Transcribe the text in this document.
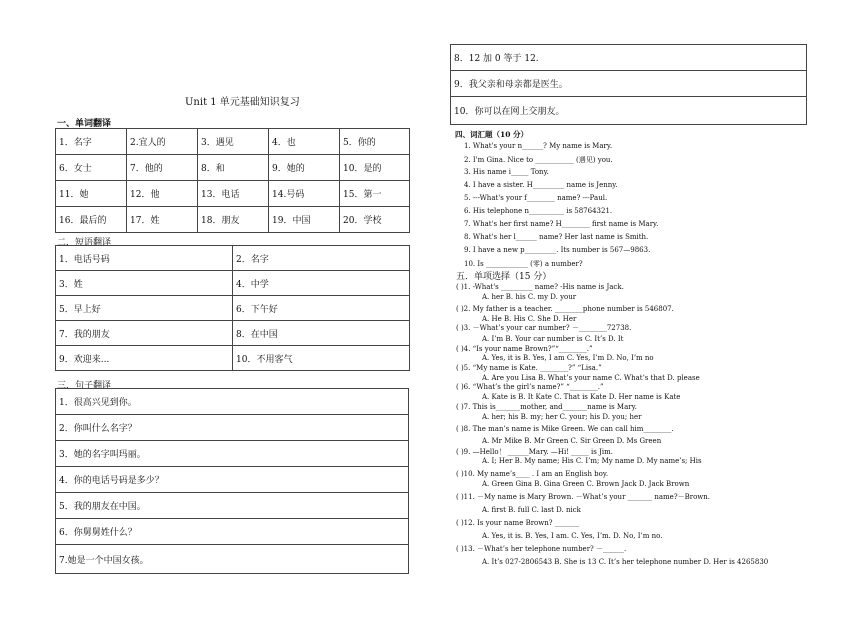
Unit 1 单元基础知识复习
一、单词翻译
1．名字	2.宜人的	3．遇见	4．也	5．你的
6．女士	7．他的	8．和	9．她的	10．是的
11．她	12．他	13．电话	14.号码	15．第一
16．最后的	17．姓	18．朋友	19．中国	20．学校
二．短语翻译
1．电话号码	2．名字
3．姓	4．中学
5．早上好	6．下午好
7．我的朋友	8．在中国
9．欢迎来...	10．不用客气
三．句子翻译
1．很高兴见到你。
2．你叫什么名字？
3．她的名字叫玛丽。
4．你的电话号码是多少？
5．我的朋友在中国。
6．你舅舅姓什么？
7.她是一个中国女孩。
8．12 加 0 等于 12.
9．我父亲和母亲都是医生。
10．你可以在网上交朋友。
四、词汇题（10 分）
1. What's your n______? My name is Mary.
2. I'm Gina. Nice to ___________ (遇见) you.
3. His name i_____ Tony.
4. I have a sister. H_________ name is Jenny.
5. ---What's your f________ name? ---Paul.
6. His telephone n__________ is 58764321.
7. What's her first name? H________ first name is Mary.
8. What's her l______ name? Her last name is Smith.
9. I have a new p_________. Its number is 567—9863.
10. Is ____________ (零) a number?
五．单项选择（15 分）
( )1. -What's _________ name? -His name is Jack.
A. her B. his C. my D. your
( )2. My father is a teacher. ________phone number is 546807.
A. He B. His C. She D. Her
( )3. －What’s your car number? －________72738.
A. I’m B. Your car number is C. It’s D. It
( )4. “Is your name Brown?”“________.”
A. Yes, it is B. Yes, I am C. Yes, I’m D. No, I’m no
( )5. “My name is Kate. ________?” “Lisa.”
A. Are you Lisa B. What’s your name C. What’s that D. please
( )6. “What’s the girl’s name?” “________.”
A. Kate is B. It Kate C. That is Kate D. Her name is Kate
( )7. This is_______mother, and_______name is Mary.
A. her; his B. my; her C. your; his D. you; her
( )8. The man’s name is Mike Green. We can call him________.
A. Mr Mike B. Mr Green C. Sir Green D. Ms Green
( )9. —Hello！ ______Mary. —Hi! _____ is Jim.
A. I; Her B. My name; His C. I’m; My name D. My name’s; His
( )10. My name’s____ . I am an English boy.
A. Green Gina B. Gina Green C. Brown Jack D. Jack Brown
( )11. －My name is Mary Brown. －What’s your _______ name?－Brown.
A. first B. full C. last D. nick
( )12. Is your name Brown? _______
A. Yes, it is. B. Yes, I am. C. Yes, I’m. D. No, I’m no.
( )13. －What’s her telephone number? －______.
A. It’s 027-2806543 B. She is 13 C. It’s her telephone number D. Her is 4265830
